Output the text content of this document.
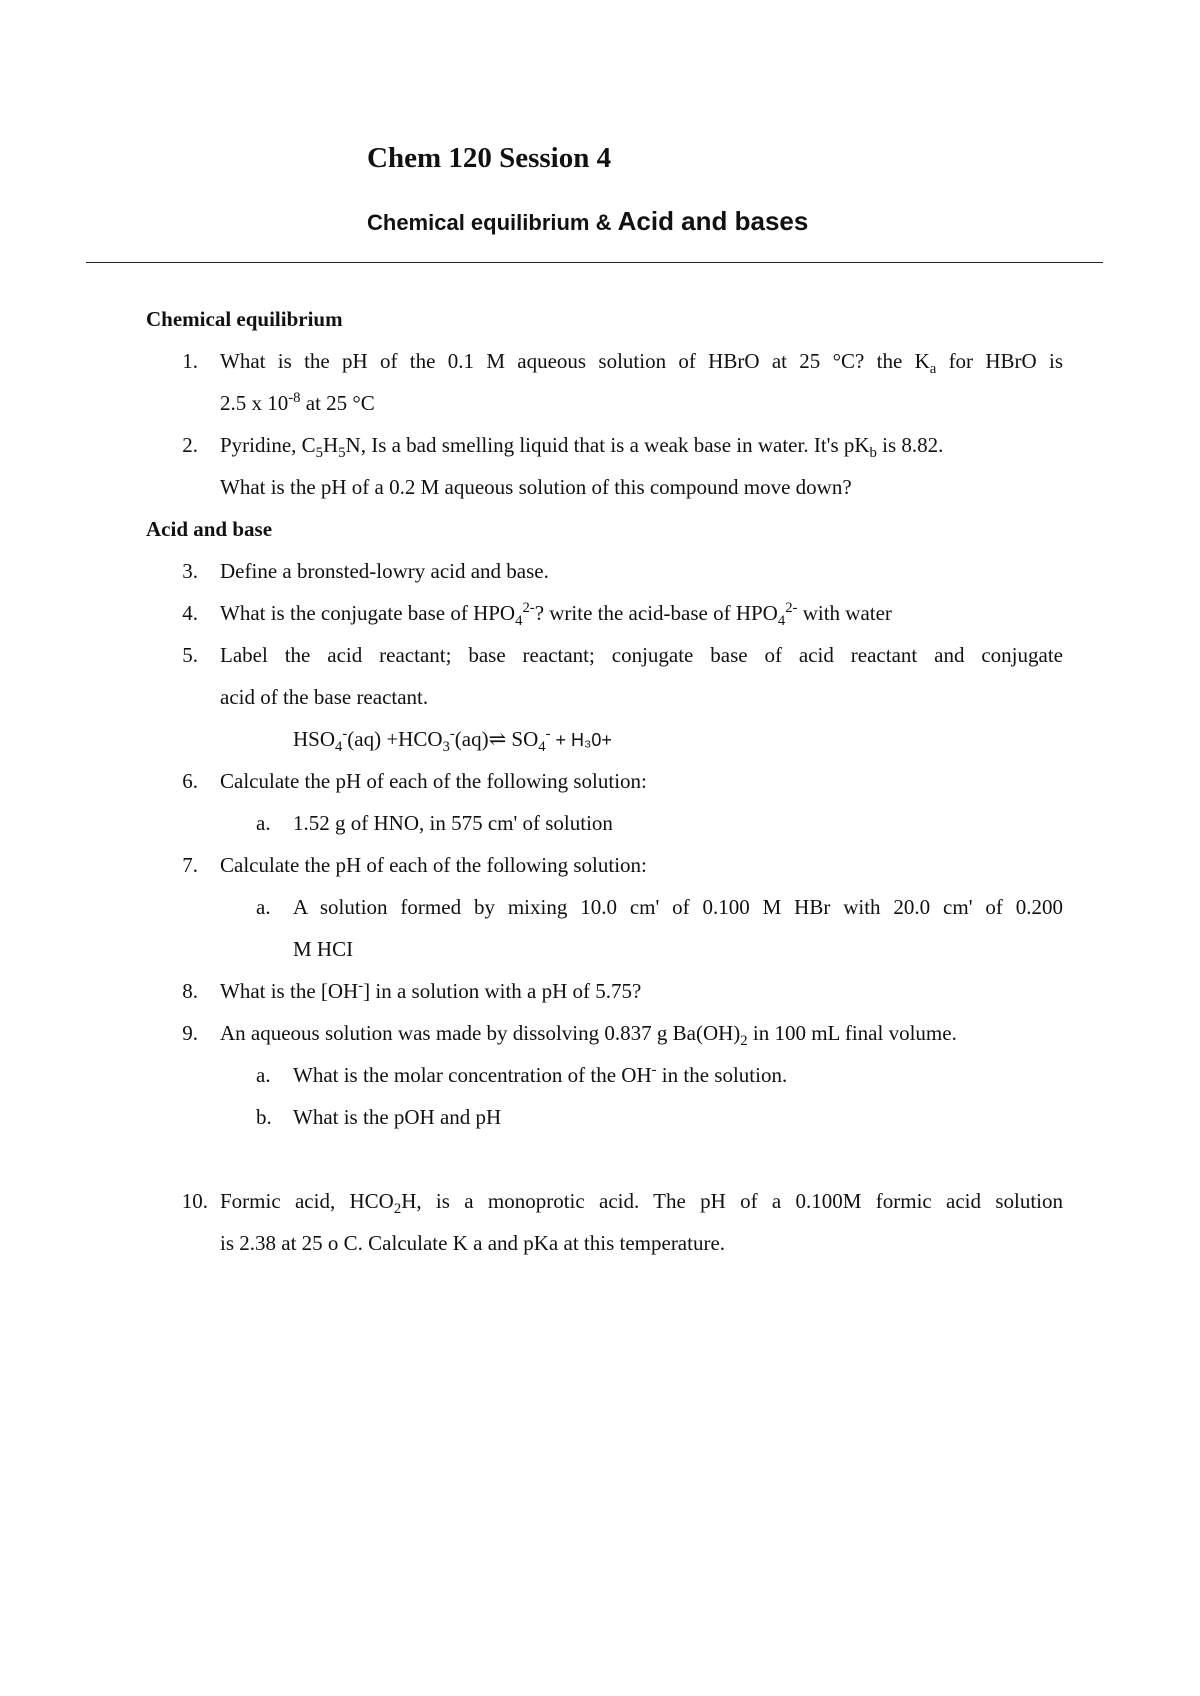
Chem 120 Session 4
Chemical equilibrium & Acid and bases
Chemical equilibrium
1. What is the pH of the 0.1 M aqueous solution of HBrO at 25 °C? the $K_a$ for HBrO is
2.5 x $10^{-8}$ at 25 °C
2. Pyridine, $C_5H_5N$, Is a bad smelling liquid that is a weak base in water. It's $pK_b$ is 8.82.
What is the pH of a 0.2 M aqueous solution of this compound move down?
Acid and base
3. Define a bronsted-lowry acid and base.
4. What is the conjugate base of $HPO_4^{2-}$? write the acid-base of $HPO_4^{2-}$ with water
5. Label the acid reactant; base reactant; conjugate base of acid reactant and conjugate
acid of the base reactant.
$HSO_4^-(aq)$ $+HCO_3^-(aq)\rightleftharpoons$ $SO_4^- + H_30+$
6. Calculate the pH of each of the following solution:
a. 1.52 g of HNO, in 575 cm' of solution
7. Calculate the pH of each of the following solution:
a. A solution formed by mixing 10.0 cm' of 0.100 M HBr with 20.0 cm' of 0.200
M HCI
8. What is the [OH-] in a solution with a pH of 5.75?
9. An aqueous solution was made by dissolving 0.837 g $Ba(OH)_2$ in 100 mL final volume.
a. What is the molar concentration of the OH- in the solution.
b. What is the pOH and pH
10. Formic acid, $HCO_2H$, is a monoprotic acid. The pH of a 0.100M formic acid solution
is 2.38 at 25 o C. Calculate K a and pKa at this temperature.
